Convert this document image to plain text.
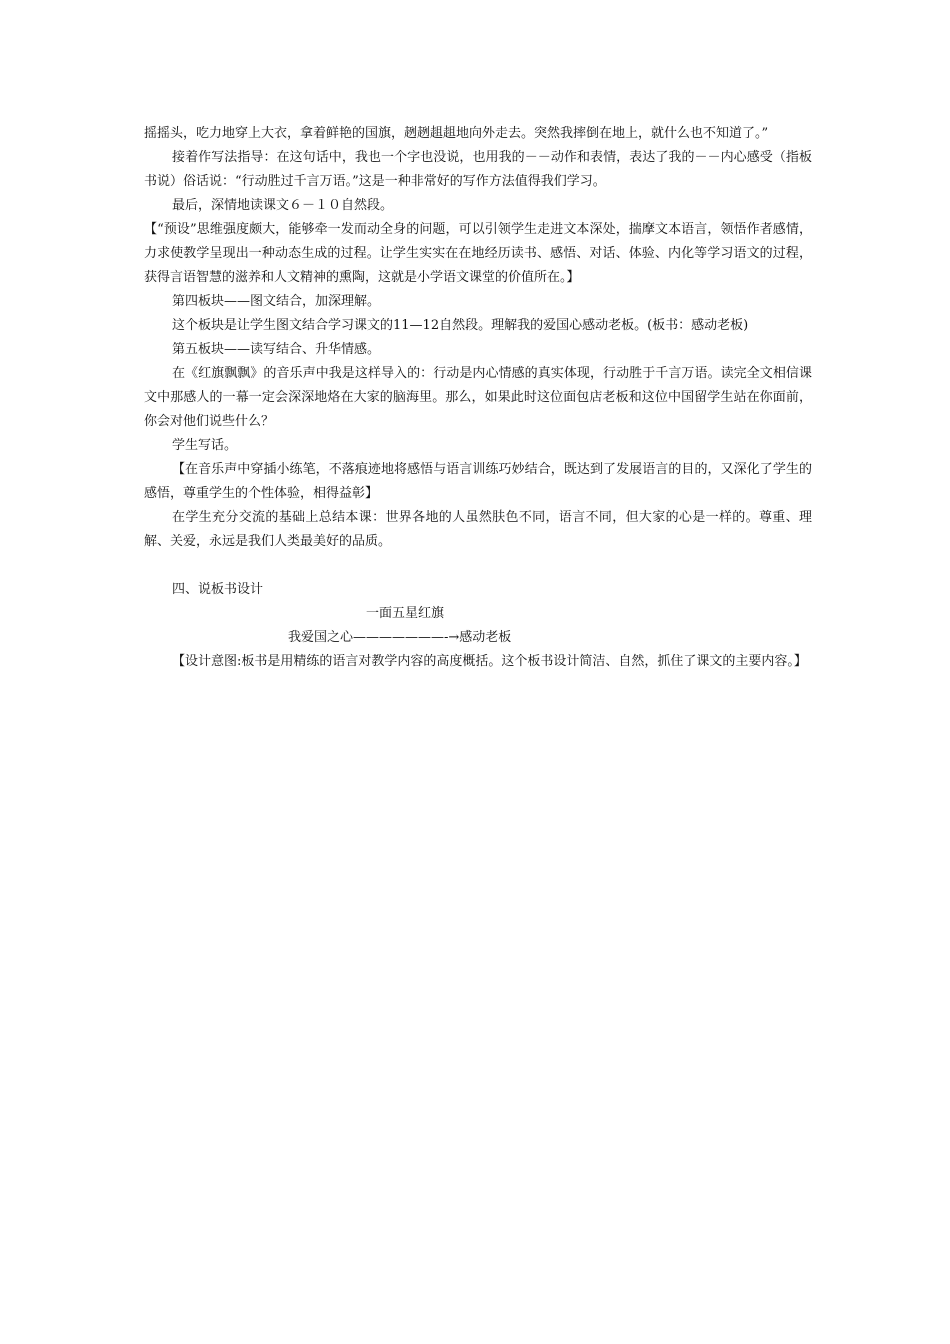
摇摇头，吃力地穿上大衣，拿着鲜艳的国旗，趔趔趄趄地向外走去。突然我摔倒在地上，就什么也不知道了。”

接着作写法指导：在这句话中，我也一个字也没说，也用我的－－动作和表情，表达了我的－－内心感受（指板书说）俗话说：“行动胜过千言万语。”这是一种非常好的写作方法值得我们学习。

最后，深情地读课文６－１０自然段。

【“预设”思维强度颇大，能够牵一发而动全身的问题，可以引领学生走进文本深处，揣摩文本语言，领悟作者感情，力求使教学呈现出一种动态生成的过程。让学生实实在在地经历读书、感悟、对话、体验、内化等学习语文的过程，获得言语智慧的滋养和人文精神的熏陶，这就是小学语文课堂的价值所在。】

第四板块——图文结合，加深理解。

这个板块是让学生图文结合学习课文的11—12自然段。理解我的爱国心感动老板。(板书：感动老板)

第五板块——读写结合、升华情感。

在《红旗飘飘》的音乐声中我是这样导入的：行动是内心情感的真实体现，行动胜于千言万语。读完全文相信课文中那感人的一幕一定会深深地烙在大家的脑海里。那么，如果此时这位面包店老板和这位中国留学生站在你面前，你会对他们说些什么？

学生写话。

【在音乐声中穿插小练笔，不落痕迹地将感悟与语言训练巧妙结合，既达到了发展语言的目的，又深化了学生的感悟，尊重学生的个性体验，相得益彰】

在学生充分交流的基础上总结本课：世界各地的人虽然肤色不同，语言不同，但大家的心是一样的。尊重、理解、关爱，永远是我们人类最美好的品质。

四、说板书设计

一面五星红旗

我爱国之心———————-→感动老板

【设计意图:板书是用精练的语言对教学内容的高度概括。这个板书设计简洁、自然，抓住了课文的主要内容。】
